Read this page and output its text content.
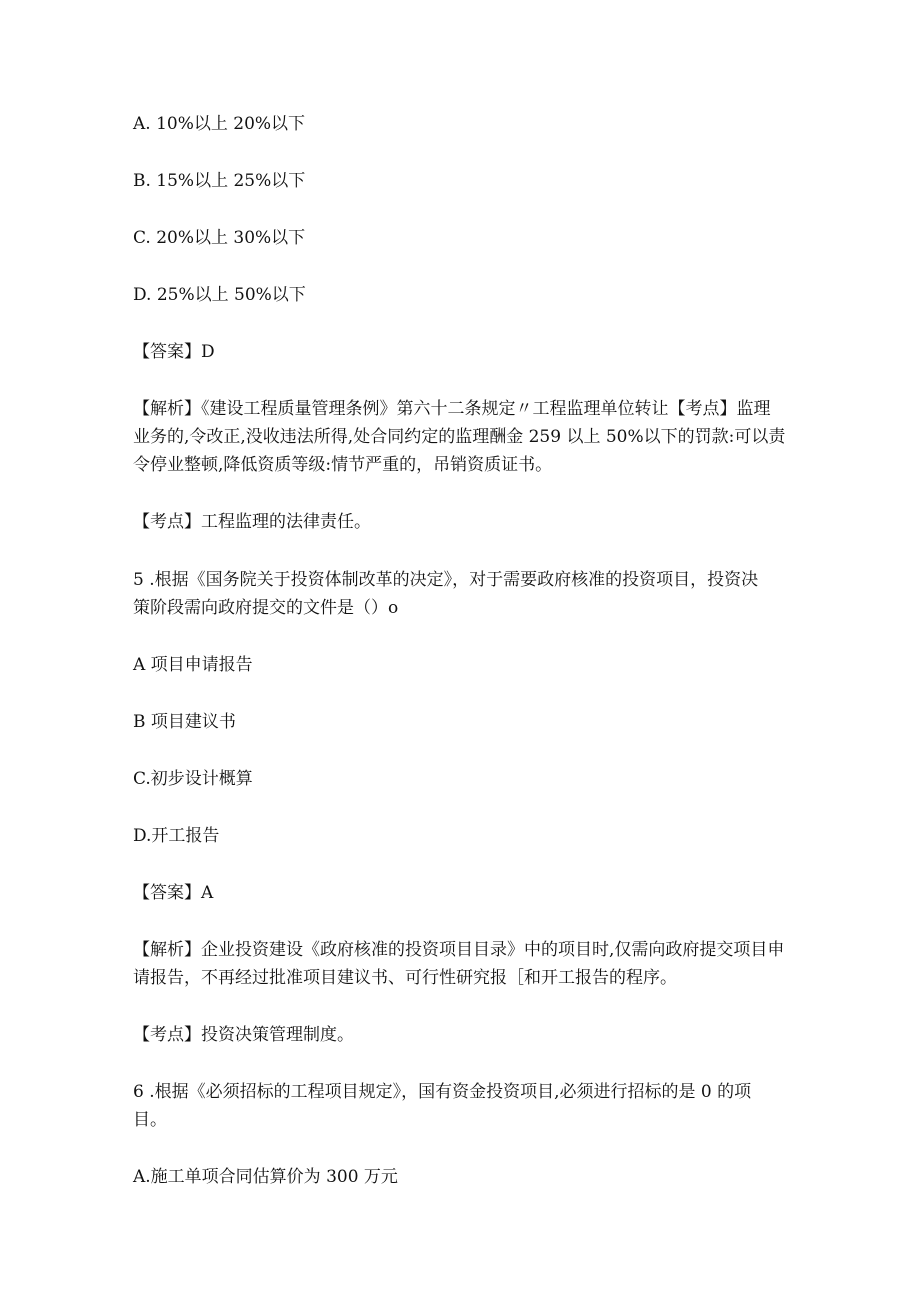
A. 10%以上 20%以下

B. 15%以上 25%以下

C. 20%以上 30%以下

D. 25%以上 50%以下

【答案】D

【解析】《建设工程质量管理条例》第六十二条规定〃工程监理单位转让【考点】监理

业务的,令改正,没收违法所得,处合同约定的监理酬金 259 以上 50%以下的罚款:可以责

令停业整顿,降低资质等级:情节严重的，吊销资质证书。

【考点】工程监理的法律责任。

5 .根据《国务院关于投资体制改革的决定》，对于需要政府核准的投资项目，投资决

策阶段需向政府提交的文件是（）o

A 项目申请报告

B 项目建议书

C.初步设计概算

D.开工报告

【答案】A

【解析】企业投资建设《政府核准的投资项目目录》中的项目时,仅需向政府提交项目申

请报告，不再经过批准项目建议书、可行性研究报［和开工报告的程序。

【考点】投资决策管理制度。

6 .根据《必须招标的工程项目规定》，国有资金投资项目,必须进行招标的是 0 的项

目。

A.施工单项合同估算价为 300 万元
